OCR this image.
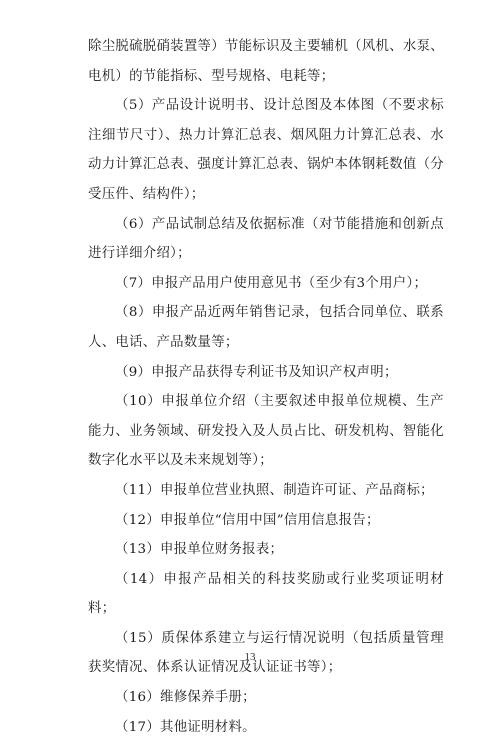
除尘脱硫脱硝装置等）节能标识及主要辅机（风机、水泵、电机）的节能指标、型号规格、电耗等；

（5）产品设计说明书、设计总图及本体图（不要求标注细节尺寸）、热力计算汇总表、烟风阻力计算汇总表、水动力计算汇总表、强度计算汇总表、锅炉本体钢耗数值（分受压件、结构件）；

（6）产品试制总结及依据标准（对节能措施和创新点进行详细介绍）；

（7）申报产品用户使用意见书（至少有3个用户）；

（8）申报产品近两年销售记录，包括合同单位、联系人、电话、产品数量等；

（9）申报产品获得专利证书及知识产权声明；

（10）申报单位介绍（主要叙述申报单位规模、生产能力、业务领域、研发投入及人员占比、研发机构、智能化数字化水平以及未来规划等）；

（11）申报单位营业执照、制造许可证、产品商标；

（12）申报单位“信用中国”信用信息报告；

（13）申报单位财务报表；

（14）申报产品相关的科技奖励或行业奖项证明材料；

（15）质保体系建立与运行情况说明（包括质量管理获奖情况、体系认证情况及认证证书等）；

（16）维修保养手册；

（17）其他证明材料。

13
